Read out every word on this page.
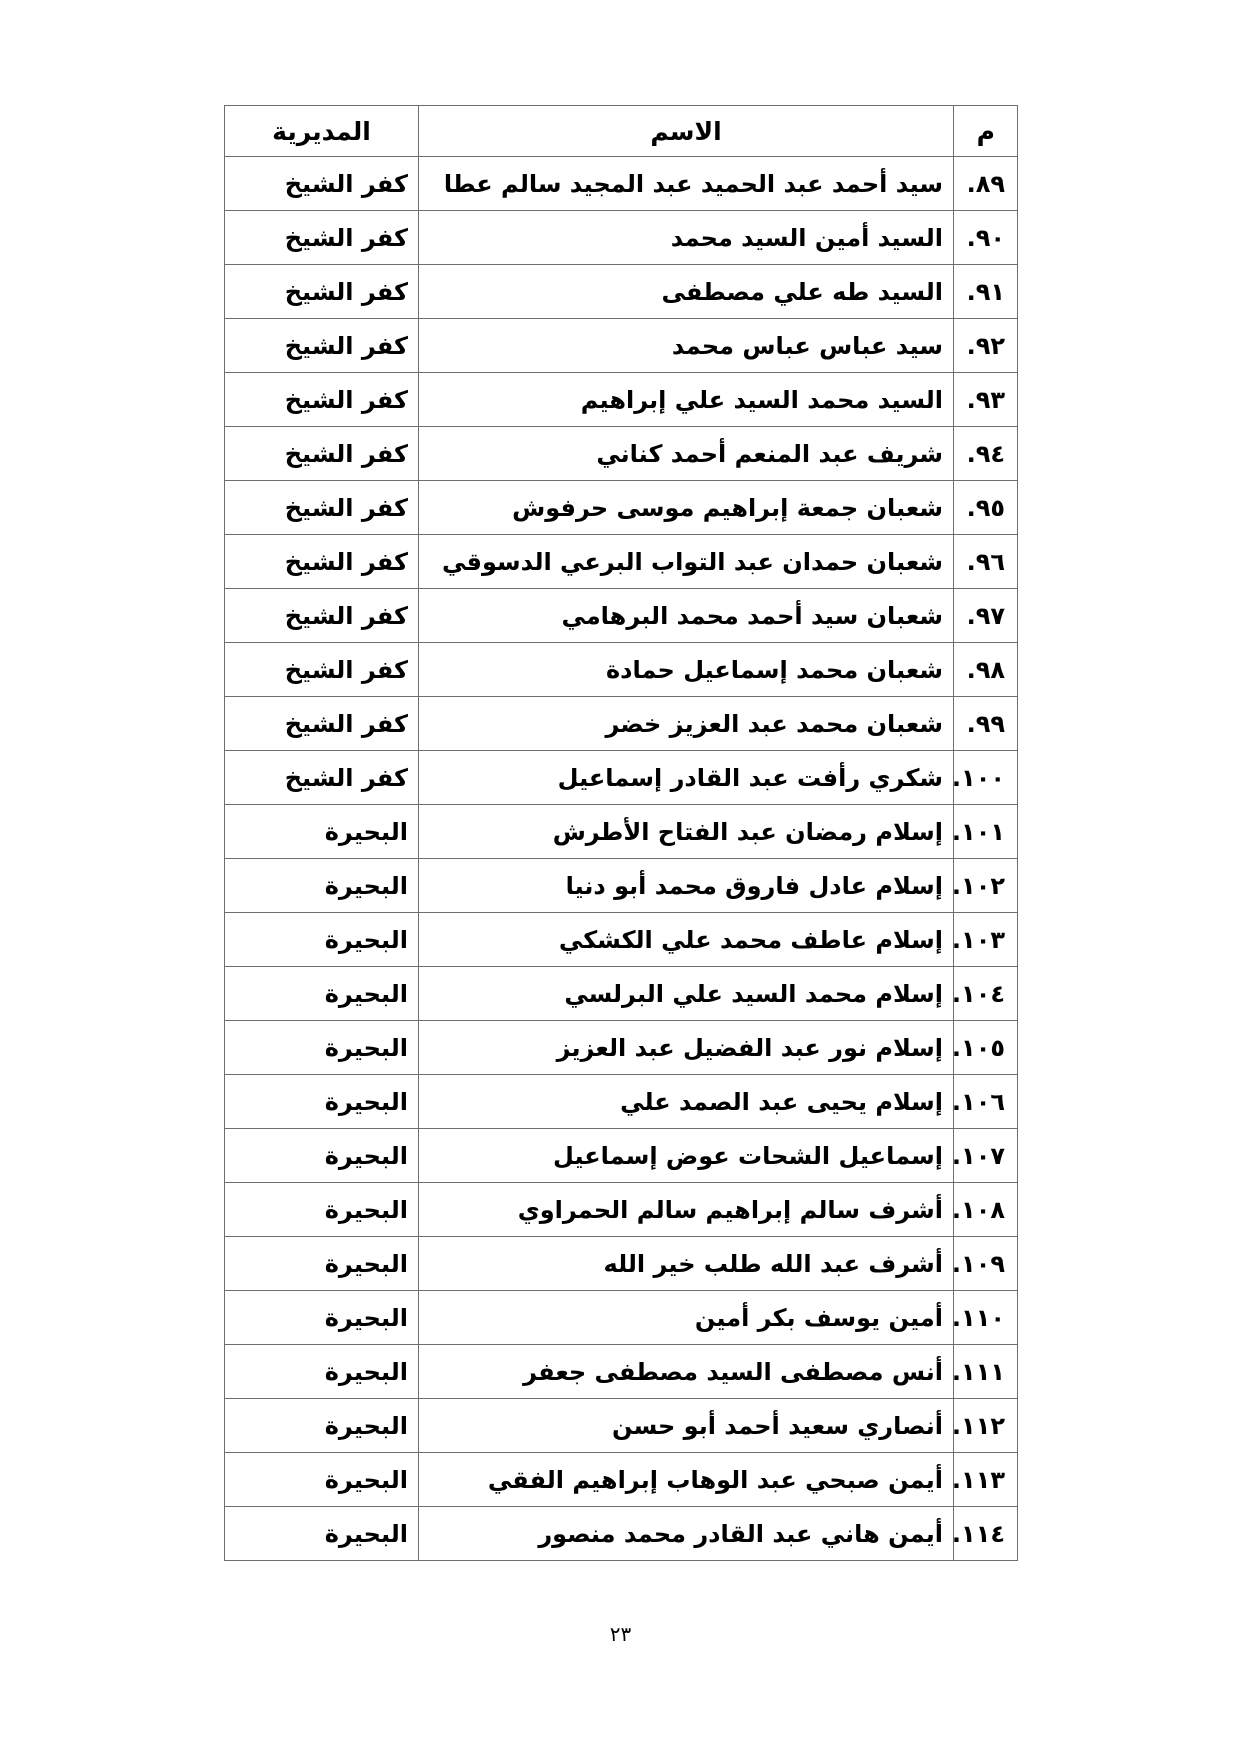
م	الاسم	المديرية
٨٩.	سيد أحمد عبد الحميد عبد المجيد سالم عطا	كفر الشيخ
٩٠.	السيد أمين السيد محمد	كفر الشيخ
٩١.	السيد طه علي مصطفى	كفر الشيخ
٩٢.	سيد عباس عباس محمد	كفر الشيخ
٩٣.	السيد محمد السيد علي إبراهيم	كفر الشيخ
٩٤.	شريف عبد المنعم أحمد كناني	كفر الشيخ
٩٥.	شعبان جمعة إبراهيم موسى حرفوش	كفر الشيخ
٩٦.	شعبان حمدان عبد التواب البرعي الدسوقي	كفر الشيخ
٩٧.	شعبان سيد أحمد محمد البرهامي	كفر الشيخ
٩٨.	شعبان محمد إسماعيل حمادة	كفر الشيخ
٩٩.	شعبان محمد عبد العزيز خضر	كفر الشيخ
١٠٠.	شكري رأفت عبد القادر إسماعيل	كفر الشيخ
١٠١.	إسلام رمضان عبد الفتاح الأطرش	البحيرة
١٠٢.	إسلام عادل فاروق محمد أبو دنيا	البحيرة
١٠٣.	إسلام عاطف محمد علي الكشكي	البحيرة
١٠٤.	إسلام محمد السيد علي البرلسي	البحيرة
١٠٥.	إسلام نور عبد الفضيل عبد العزيز	البحيرة
١٠٦.	إسلام يحيى عبد الصمد علي	البحيرة
١٠٧.	إسماعيل الشحات عوض إسماعيل	البحيرة
١٠٨.	أشرف سالم إبراهيم سالم الحمراوي	البحيرة
١٠٩.	أشرف عبد الله طلب خير الله	البحيرة
١١٠.	أمين يوسف بكر أمين	البحيرة
١١١.	أنس مصطفى السيد مصطفى جعفر	البحيرة
١١٢.	أنصاري سعيد أحمد أبو حسن	البحيرة
١١٣.	أيمن صبحي عبد الوهاب إبراهيم الفقي	البحيرة
١١٤.	أيمن هاني عبد القادر محمد منصور	البحيرة
٢٣
